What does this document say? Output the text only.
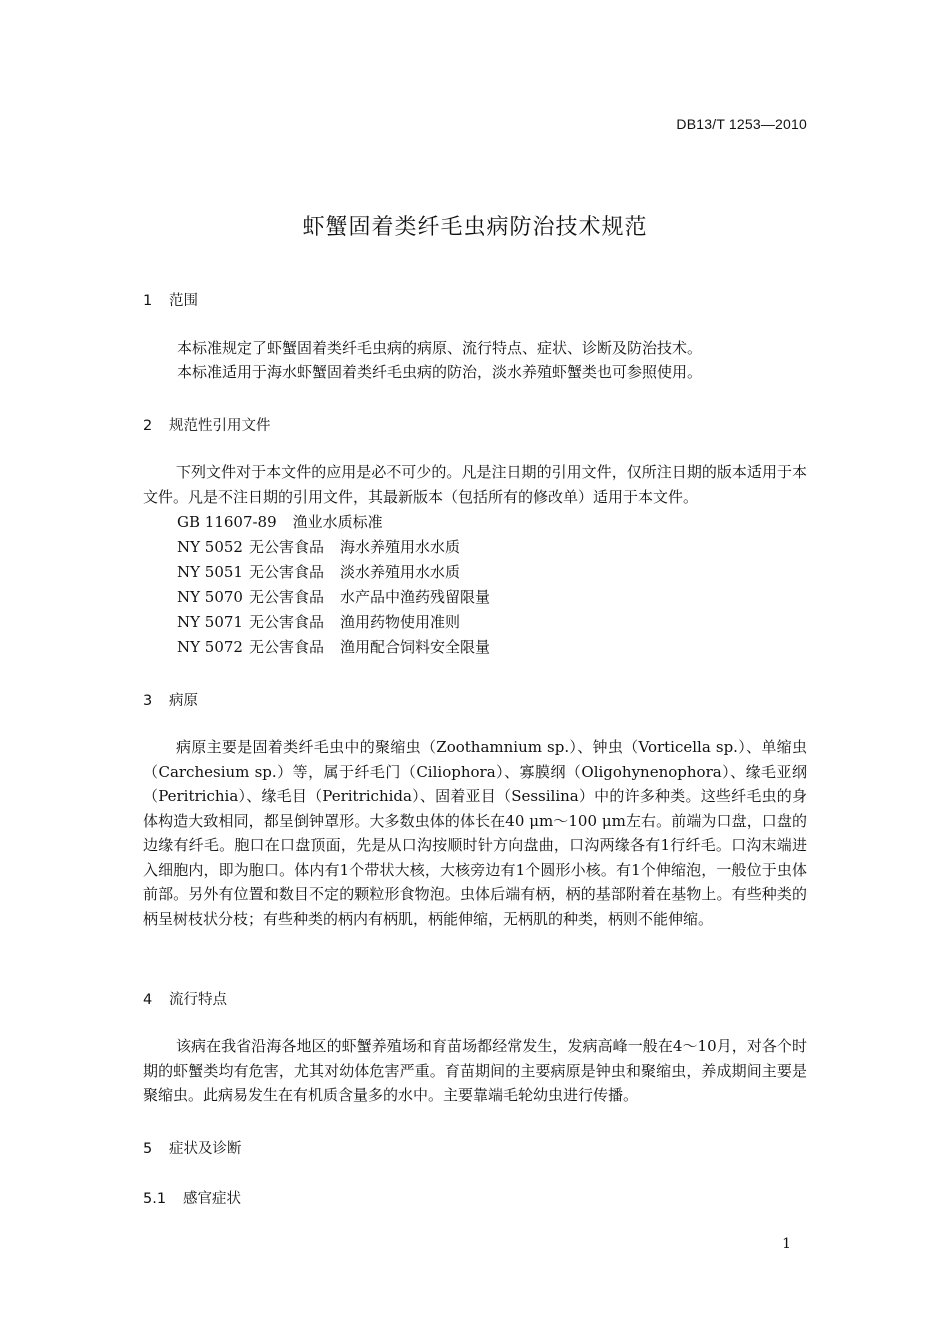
DB13/T 1253—2010
虾蟹固着类纤毛虫病防治技术规范
1 范围
本标准规定了虾蟹固着类纤毛虫病的病原、流行特点、症状、诊断及防治技术。
本标准适用于海水虾蟹固着类纤毛虫病的防治，淡水养殖虾蟹类也可参照使用。
2 规范性引用文件

下列文件对于本文件的应用是必不可少的。凡是注日期的引用文件，仅所注日期的版本适用于本文件。凡是不注日期的引用文件，其最新版本（包括所有的修改单）适用于本文件。

GB 11607-89 渔业水质标准
NY 5052 无公害食品 海水养殖用水水质
NY 5051 无公害食品 淡水养殖用水水质
NY 5070 无公害食品 水产品中渔药残留限量
NY 5071 无公害食品 渔用药物使用准则
NY 5072 无公害食品 渔用配合饲料安全限量
3 病原

病原主要是固着类纤毛虫中的聚缩虫（Zoothamnium sp.）、钟虫（Vorticella sp.）、单缩虫（Carchesium sp.）等，属于纤毛门（Ciliophora）、寡膜纲（Oligohynenophora）、缘毛亚纲（Peritrichia）、缘毛目（Peritrichida）、固着亚目（Sessilina）中的许多种类。这些纤毛虫的身体构造大致相同，都呈倒钟罩形。大多数虫体的体长在40 μm～100 μm左右。前端为口盘，口盘的边缘有纤毛。胞口在口盘顶面，先是从口沟按顺时针方向盘曲，口沟两缘各有1行纤毛。口沟末端进入细胞内，即为胞口。体内有1个带状大核，大核旁边有1个圆形小核。有1个伸缩泡，一般位于虫体前部。另外有位置和数目不定的颗粒形食物泡。虫体后端有柄，柄的基部附着在基物上。有些种类的柄呈树枝状分枝；有些种类的柄内有柄肌，柄能伸缩，无柄肌的种类，柄则不能伸缩。

4 流行特点

该病在我省沿海各地区的虾蟹养殖场和育苗场都经常发生，发病高峰一般在4～10月，对各个时期的虾蟹类均有危害，尤其对幼体危害严重。育苗期间的主要病原是钟虫和聚缩虫，养成期间主要是聚缩虫。此病易发生在有机质含量多的水中。主要靠端毛轮幼虫进行传播。

5 症状及诊断
5.1 感官症状
1
